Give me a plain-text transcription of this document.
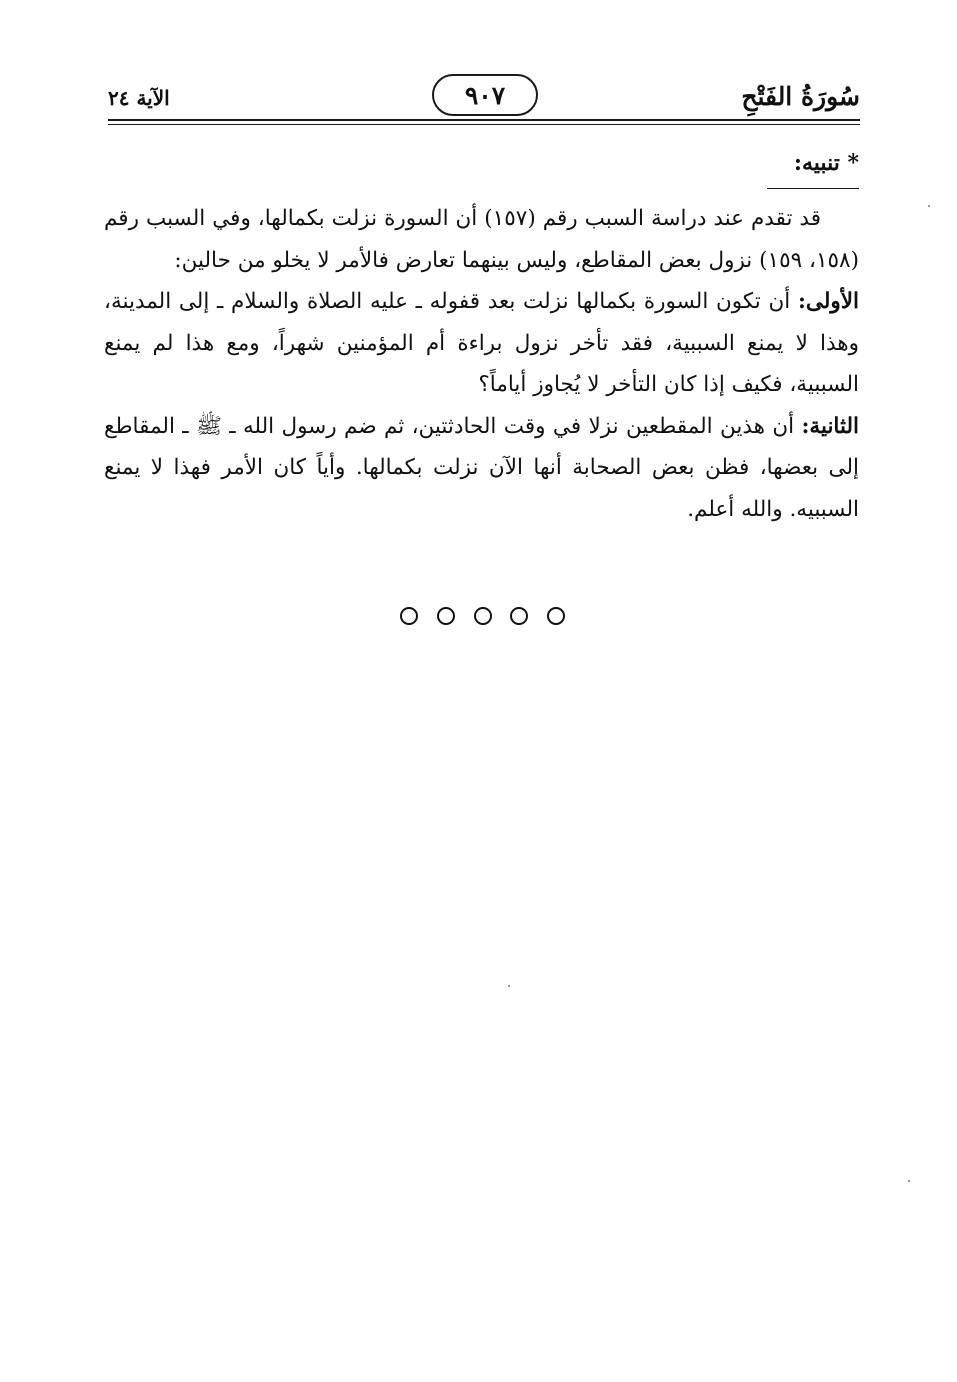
سُورَةُ الفَتْحِ
٩٠٧
الآية ٢٤
* تنبيه:

قد تقدم عند دراسة السبب رقم (١٥٧) أن السورة نزلت بكمالها، وفي السبب رقم (١٥٨، ١٥٩) نزول بعض المقاطع، وليس بينهما تعارض فالأمر لا يخلو من حالين:

الأولى: أن تكون السورة بكمالها نزلت بعد قفوله ـ عليه الصلاة والسلام ـ إلى المدينة، وهذا لا يمنع السببية، فقد تأخر نزول براءة أم المؤمنين شهراً، ومع هذا لم يمنع السببية، فكيف إذا كان التأخر لا يُجاوز أياماً؟

الثانية: أن هذين المقطعين نزلا في وقت الحادثتين، ثم ضم رسول الله ـ ﷺ ـ المقاطع إلى بعضها، فظن بعض الصحابة أنها الآن نزلت بكمالها. وأياً كان الأمر فهذا لا يمنع السببيه. والله أعلم.
